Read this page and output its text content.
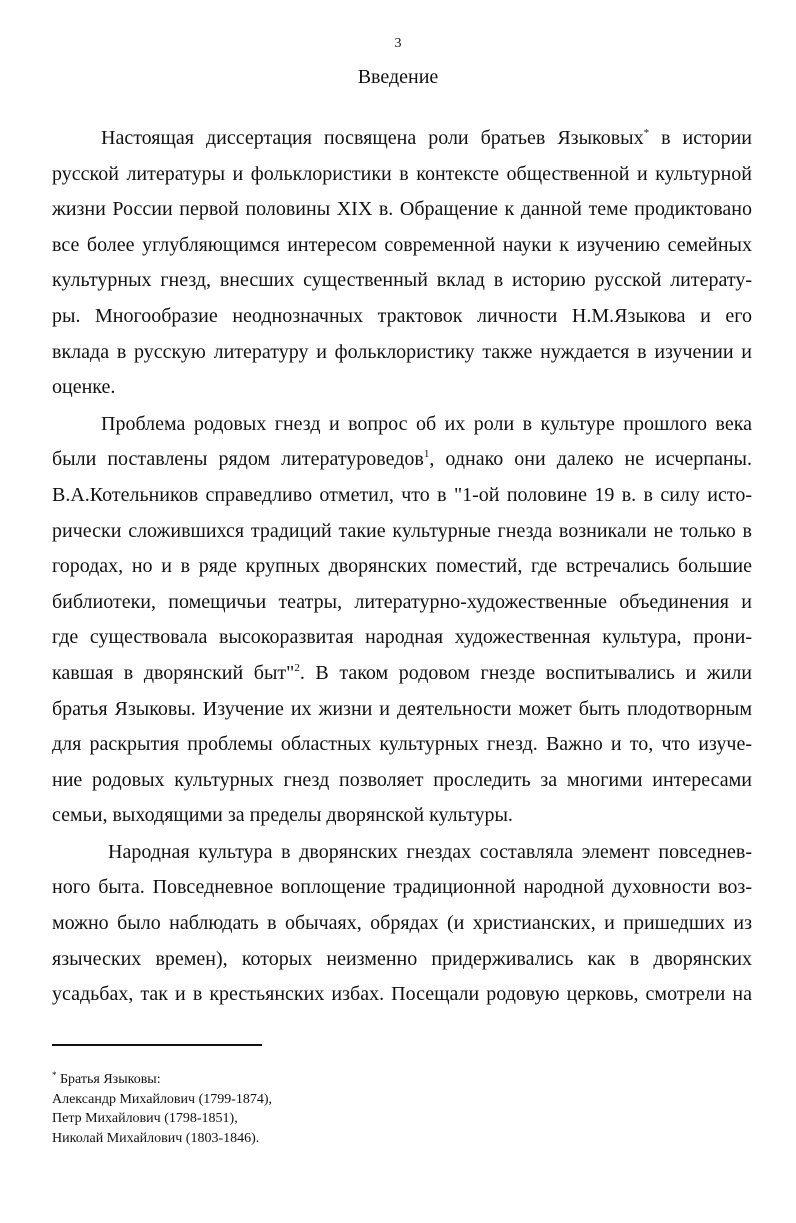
3
Введение

Настоящая диссертация посвящена роли братьев Языковых* в истории
русской литературы и фольклористики в контексте общественной и культурной
жизни России первой половины XIX в. Обращение к данной теме продиктовано
все более углубляющимся интересом современной науки к изучению семейных
культурных гнезд, внесших существенный вклад в историю русской литерату-
ры. Многообразие неоднозначных трактовок личности Н.М.Языкова и его
вклада в русскую литературу и фольклористику также нуждается в изучении и
оценке.

Проблема родовых гнезд и вопрос об их роли в культуре прошлого века
были поставлены рядом литературоведов$^1$, однако они далеко не исчерпаны.
В.А.Котельников справедливо отметил, что в "1-ой половине 19 в. в силу исто-
рически сложившихся традиций такие культурные гнезда возникали не только в
городах, но и в ряде крупных дворянских поместий, где встречались большие
библиотеки, помещичьи театры, литературно-художественные объединения и
где существовала высокоразвитая народная художественная культура, прони-
кавшая в дворянский быт"$^2$. В таком родовом гнезде воспитывались и жили
братья Языковы. Изучение их жизни и деятельности может быть плодотворным
для раскрытия проблемы областных культурных гнезд. Важно и то, что изуче-
ние родовых культурных гнезд позволяет проследить за многими интересами
семьи, выходящими за пределы дворянской культуры.

Народная культура в дворянских гнездах составляла элемент повседнев-
ного быта. Повседневное воплощение традиционной народной духовности воз-
можно было наблюдать в обычаях, обрядах (и христианских, и пришедших из
языческих времен), которых неизменно придерживались как в дворянских
усадьбах, так и в крестьянских избах. Посещали родовую церковь, смотрели на

* Братья Языковы:
Александр Михайлович (1799-1874),
Петр Михайлович (1798-1851),
Николай Михайлович (1803-1846).
